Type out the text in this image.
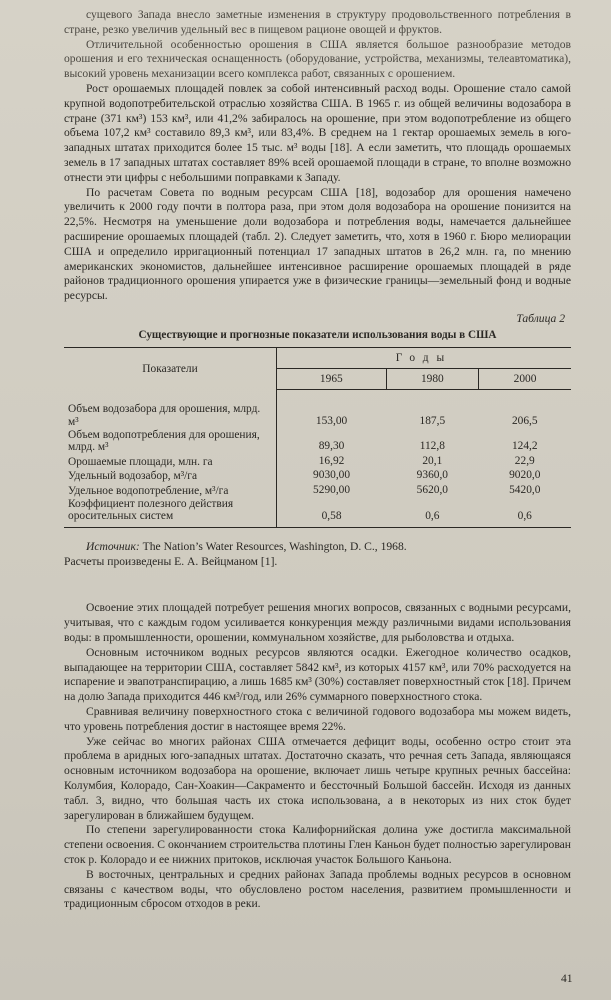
сущевого Запада внесло заметные изменения в структуру продовольственного потребления в стране, резко увеличив удельный вес в пищевом рационе овощей и фруктов.

Отличительной особенностью орошения в США является большое разнообразие методов орошения и его техническая оснащенность (оборудование, устройства, механизмы, телеавтоматика), высокий уровень механизации всего комплекса работ, связанных с орошением.

Рост орошаемых площадей повлек за собой интенсивный расход воды. Орошение стало самой крупной водопотребительской отраслью хозяйства США. В 1965 г. из общей величины водозабора в стране (371 км³) 153 км³, или 41,2% забиралось на орошение, при этом водопотребление из общего объема 107,2 км³ составило 89,3 км³, или 83,4%. В среднем на 1 гектар орошаемых земель в юго-западных штатах приходится более 15 тыс. м³ воды [18]. А если заметить, что площадь орошаемых земель в 17 западных штатах составляет 89% всей орошаемой площади в стране, то вполне возможно отнести эти цифры с небольшими поправками к Западу.

По расчетам Совета по водным ресурсам США [18], водозабор для орошения намечено увеличить к 2000 году почти в полтора раза, при этом доля водозабора на орошение понизится на 22,5%. Несмотря на уменьшение доли водозабора и потребления воды, намечается дальнейшее расширение орошаемых площадей (табл. 2). Следует заметить, что, хотя в 1960 г. Бюро мелиорации США и определило ирригационный потенциал 17 западных штатов в 26,2 млн. га, по мнению американских экономистов, дальнейшее интенсивное расширение орошаемых площадей в ряде районов традиционного орошения упирается уже в физические границы—земельный фонд и водные ресурсы.

Таблица 2
Существующие и прогнозные показатели использования воды в США
Показатели	Годы		
	1965	1980	2000
Объем водозабора для орошения, млрд. м³	153,00	187,5	206,5
Объем водопотребления для орошения, млрд. м³	89,30	112,8	124,2
Орошаемые площади, млн. га	16,92	20,1	22,9
Удельный водозабор, м³/га	9030,00	9360,0	9020,0
Удельное водопотребление, м³/га	5290,00	5620,0	5420,0
Коэффициент полезного действия оросительных систем	0,58	0,6	0,6
Источник: The Nation’s Water Resources, Washington, D. C., 1968.
Расчеты произведены Е. А. Вейцманом [1].

Освоение этих площадей потребует решения многих вопросов, связанных с водными ресурсами, учитывая, что с каждым годом усиливается конкуренция между различными видами использования воды: в промышленности, орошении, коммунальном хозяйстве, для рыболовства и отдыха.

Основным источником водных ресурсов являются осадки. Ежегодное количество осадков, выпадающее на территории США, составляет 5842 км³, из которых 4157 км³, или 70% расходуется на испарение и эвапотранспирацию, а лишь 1685 км³ (30%) составляет поверхностный сток [18]. Причем на долю Запада приходится 446 км³/год, или 26% суммарного поверхностного стока.

Сравнивая величину поверхностного стока с величиной годового водозабора мы можем видеть, что уровень потребления достиг в настоящее время 22%.

Уже сейчас во многих районах США отмечается дефицит воды, особенно остро стоит эта проблема в аридных юго-западных штатах. Достаточно сказать, что речная сеть Запада, являющаяся основным источником водозабора на орошение, включает лишь четыре крупных речных бассейна: Колумбия, Колорадо, Сан-Хоакин—Сакраменто и бессточный Большой бассейн. Исходя из данных табл. 3, видно, что большая часть их стока использована, а в некоторых из них сток будет зарегулирован в ближайшем будущем.

По степени зарегулированности стока Калифорнийская долина уже достигла максимальной степени освоения. С окончанием строительства плотины Глен Каньон будет полностью зарегулирован сток р. Колорадо и ее нижних притоков, исключая участок Большого Каньона.

В восточных, центральных и средних районах Запада проблемы водных ресурсов в основном связаны с качеством воды, что обусловлено ростом населения, развитием промышленности и традиционным сбросом отходов в реки.

41
